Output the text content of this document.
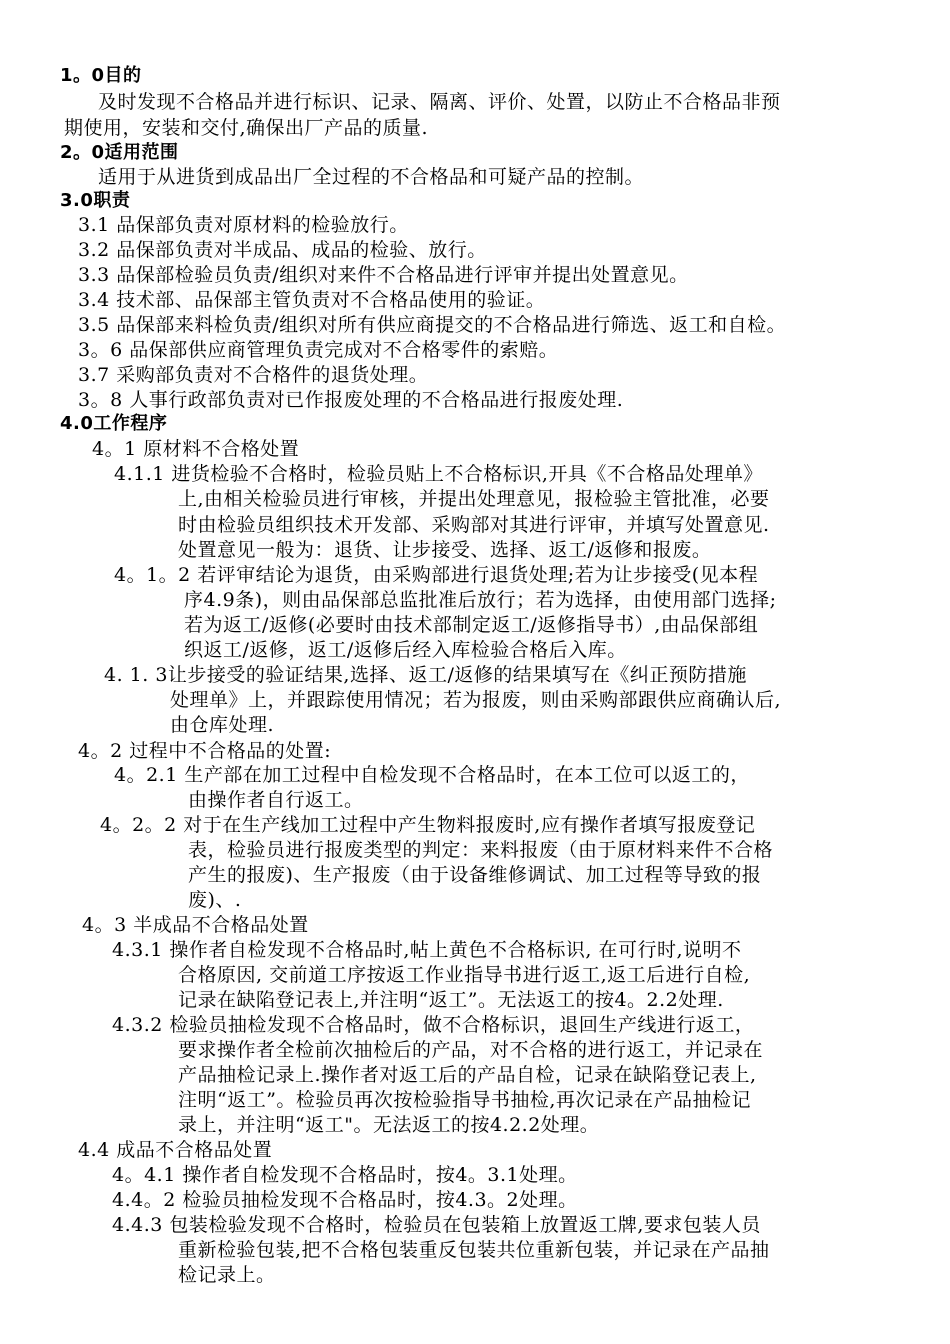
1。0目的
及时发现不合格品并进行标识、记录、隔离、评价、处置，以防止不合格品非预
期使用，安装和交付,确保出厂产品的质量.
2。0适用范围
适用于从进货到成品出厂全过程的不合格品和可疑产品的控制。
3.0职责
3.1 品保部负责对原材料的检验放行。
3.2 品保部负责对半成品、成品的检验、放行。
3.3 品保部检验员负责/组织对来件不合格品进行评审并提出处置意见。
3.4 技术部、品保部主管负责对不合格品使用的验证。
3.5 品保部来料检负责/组织对所有供应商提交的不合格品进行筛选、返工和自检。
3。6 品保部供应商管理负责完成对不合格零件的索赔。
3.7 采购部负责对不合格件的退货处理。
3。8 人事行政部负责对已作报废处理的不合格品进行报废处理.
4.0工作程序
4。1 原材料不合格处置
4.1.1 进货检验不合格时，检验员贴上不合格标识,开具《不合格品处理单》
上,由相关检验员进行审核，并提出处理意见，报检验主管批准，必要
时由检验员组织技术开发部、采购部对其进行评审，并填写处置意见.
处置意见一般为：退货、让步接受、选择、返工/返修和报废。
4。1。2 若评审结论为退货，由采购部进行退货处理;若为让步接受(见本程
序4.9条)，则由品保部总监批准后放行；若为选择，由使用部门选择;
若为返工/返修(必要时由技术部制定返工/返修指导书）,由品保部组
织返工/返修，返工/返修后经入库检验合格后入库。
4. 1. 3让步接受的验证结果,选择、返工/返修的结果填写在《纠正预防措施
处理单》上，并跟踪使用情况；若为报废，则由采购部跟供应商确认后,
由仓库处理.
4。2 过程中不合格品的处置:
4。2.1 生产部在加工过程中自检发现不合格品时，在本工位可以返工的，
由操作者自行返工。
4。2。2 对于在生产线加工过程中产生物料报废时,应有操作者填写报废登记
表，检验员进行报废类型的判定：来料报废（由于原材料来件不合格
产生的报废)、生产报废（由于设备维修调试、加工过程等导致的报
废)、.
4。3 半成品不合格品处置
4.3.1 操作者自检发现不合格品时,帖上黄色不合格标识, 在可行时,说明不
合格原因, 交前道工序按返工作业指导书进行返工,返工后进行自检,
记录在缺陷登记表上,并注明“返工”。无法返工的按4。2.2处理.
4.3.2 检验员抽检发现不合格品时，做不合格标识，退回生产线进行返工，
要求操作者全检前次抽检后的产品，对不合格的进行返工，并记录在
产品抽检记录上.操作者对返工后的产品自检，记录在缺陷登记表上,
注明“返工”。检验员再次按检验指导书抽检,再次记录在产品抽检记
录上，并注明“返工"。无法返工的按4.2.2处理。
4.4 成品不合格品处置
4。4.1 操作者自检发现不合格品时，按4。3.1处理。
4.4。2 检验员抽检发现不合格品时，按4.3。2处理。
4.4.3 包装检验发现不合格时，检验员在包装箱上放置返工牌,要求包装人员
重新检验包装,把不合格包装重反包装共位重新包装，并记录在产品抽
检记录上。
